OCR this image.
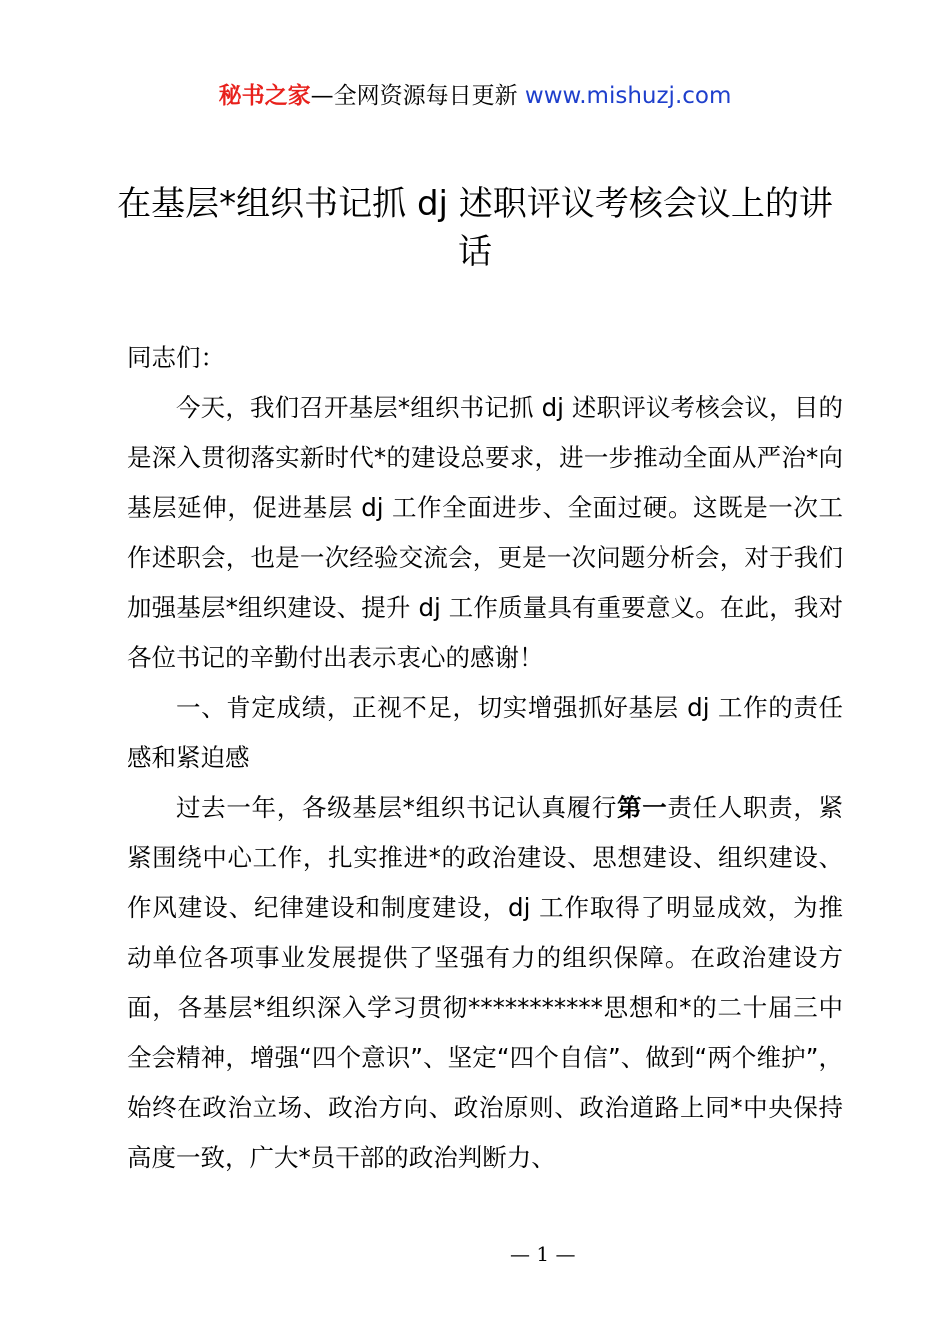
秘书之家—全网资源每日更新 www.mishuzj.com
在基层*组织书记抓 dj 述职评议考核会议上的讲话

同志们：

今天，我们召开基层*组织书记抓 dj 述职评议考核会议，目的是深入贯彻落实新时代*的建设总要求，进一步推动全面从严治*向基层延伸，促进基层 dj 工作全面进步、全面过硬。这既是一次工作述职会，也是一次经验交流会，更是一次问题分析会，对于我们加强基层*组织建设、提升 dj 工作质量具有重要意义。在此，我对各位书记的辛勤付出表示衷心的感谢！

一、肯定成绩，正视不足，切实增强抓好基层 dj 工作的责任感和紧迫感

过去一年，各级基层*组织书记认真履行第一责任人职责，紧紧围绕中心工作，扎实推进*的政治建设、思想建设、组织建设、作风建设、纪律建设和制度建设，dj 工作取得了明显成效，为推动单位各项事业发展提供了坚强有力的组织保障。在政治建设方面，各基层*组织深入学习贯彻***********思想和*的二十届三中全会精神，增强“四个意识”、坚定“四个自信”、做到“两个维护”，始终在政治立场、政治方向、政治原则、政治道路上同*中央保持高度一致，广大*员干部的政治判断力、

— 1 —
